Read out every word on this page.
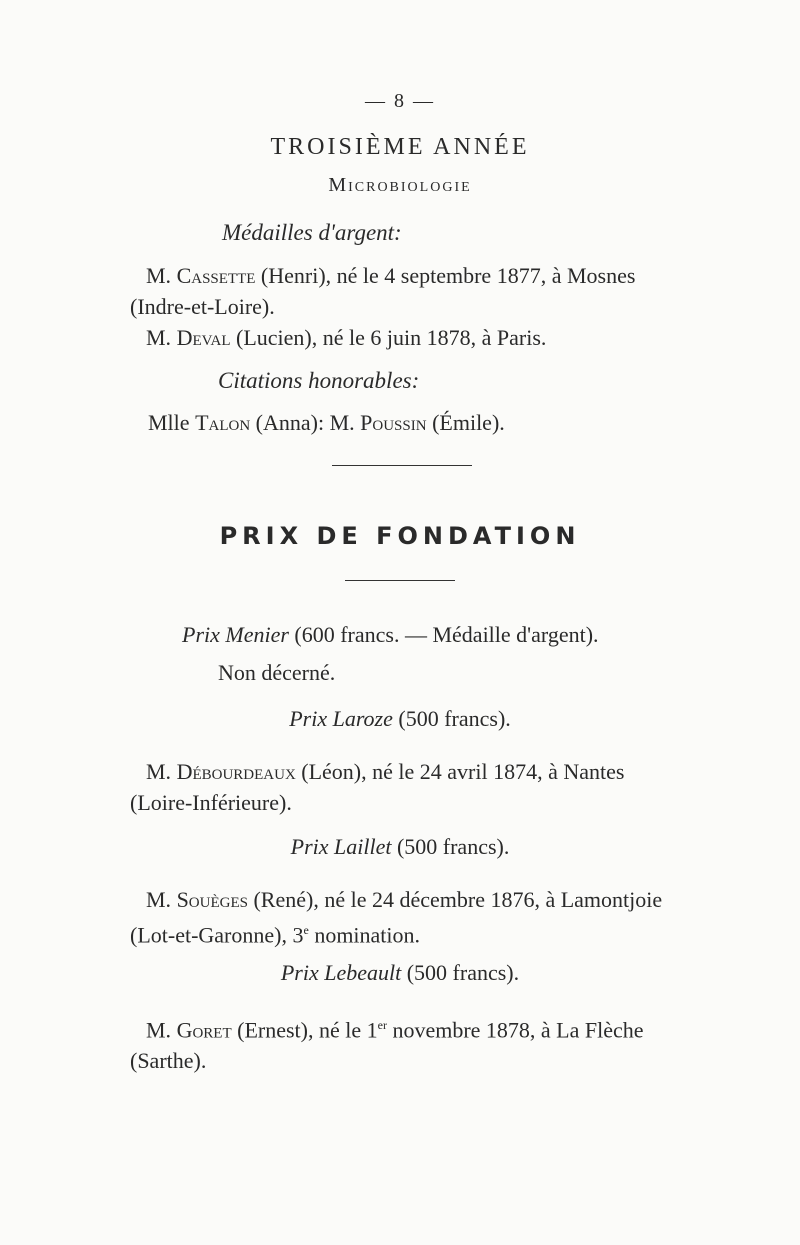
— 8 —
TROISIÈME ANNÉE
Microbiologie
Médailles d'argent:
M. Cassette (Henri), né le 4 septembre 1877, à Mosnes (Indre-et-Loire).
M. Deval (Lucien), né le 6 juin 1878, à Paris.
Citations honorables:
Mlle Talon (Anna): M. Poussin (Émile).
PRIX DE FONDATION
Prix Menier (600 francs. — Médaille d'argent).
Non décerné.
Prix Laroze (500 francs).
M. Débourdeaux (Léon), né le 24 avril 1874, à Nantes (Loire-Inférieure).
Prix Laillet (500 francs).
M. Souèges (René), né le 24 décembre 1876, à Lamontjoie (Lot-et-Garonne), 3e nomination.
Prix Lebeault (500 francs).
M. Goret (Ernest), né le 1er novembre 1878, à La Flèche (Sarthe).
